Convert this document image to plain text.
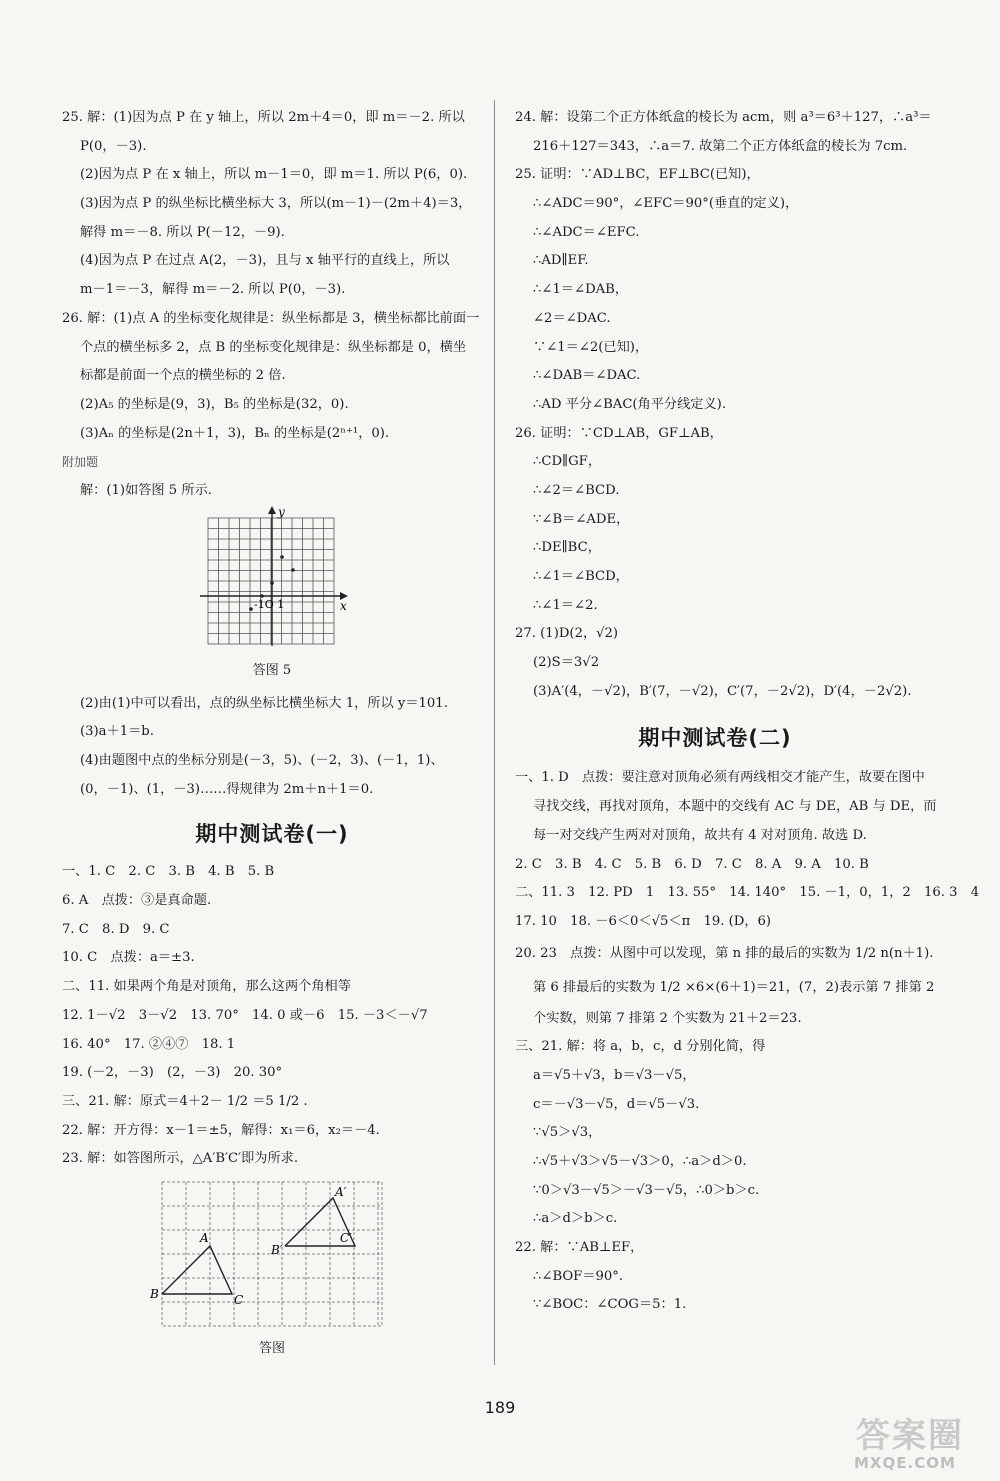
25. 解：(1)因为点 P 在 y 轴上，所以 2m＋4＝0，即 m＝－2. 所以
P(0，－3).
(2)因为点 P 在 x 轴上，所以 m－1＝0，即 m＝1. 所以 P(6，0).
(3)因为点 P 的纵坐标比横坐标大 3，所以(m－1)－(2m＋4)＝3，
解得 m＝－8. 所以 P(－12，－9).
(4)因为点 P 在过点 A(2，－3)，且与 x 轴平行的直线上，所以
m－1＝－3，解得 m＝－2. 所以 P(0，－3).
26. 解：(1)点 A 的坐标变化规律是：纵坐标都是 3，横坐标都比前面一
个点的横坐标多 2，点 B 的坐标变化规律是：纵坐标都是 0，横坐
标都是前面一个点的横坐标的 2 倍.
(2)A₅ 的坐标是(9，3)，B₅ 的坐标是(32，0).
(3)Aₙ 的坐标是(2n＋1，3)，Bₙ 的坐标是(2ⁿ⁺¹，0).
附加题
解：(1)如答图 5 所示.
y
x
-1O 1
答图 5
(2)由(1)中可以看出，点的纵坐标比横坐标大 1，所以 y＝101.
(3)a＋1＝b.
(4)由题图中点的坐标分别是(－3，5)、(－2，3)、(－1，1)、
(0，－1)、(1，－3)……得规律为 2m＋n＋1＝0.
期中测试卷(一)
一、1. C　2. C　3. B　4. B　5. B
6. A　点拨：③是真命题.
7. C　8. D　9. C
10. C　点拨：a＝±3.
二、11. 如果两个角是对顶角，那么这两个角相等
12. 1－√2　3－√2　13. 70°　14. 0 或－6　15. －3＜－√7
16. 40°　17. ②④⑦　18. 1
19. (－2，－3)　(2，－3)　20. 30°
三、21. 解：原式＝4＋2－ 1/2 ＝5 1/2 .
22. 解：开方得：x－1＝±5，解得：x₁＝6，x₂＝－4.
23. 解：如答图所示，△A′B′C′即为所求.
A
B	C
A′
B′
C′
答图
24. 解：设第二个正方体纸盒的棱长为 acm，则 a³＝6³＋127，∴a³＝
216＋127＝343，∴a＝7. 故第二个正方体纸盒的棱长为 7cm.
25. 证明：∵AD⊥BC，EF⊥BC(已知)，
∴∠ADC＝90°，∠EFC＝90°(垂直的定义)，
∴∠ADC＝∠EFC.
∴AD∥EF.
∴∠1＝∠DAB，
∠2＝∠DAC.
∵∠1＝∠2(已知)，
∴∠DAB＝∠DAC.
∴AD 平分∠BAC(角平分线定义).
26. 证明：∵CD⊥AB，GF⊥AB，
∴CD∥GF，
∴∠2＝∠BCD.
∵∠B＝∠ADE，
∴DE∥BC，
∴∠1＝∠BCD，
∴∠1＝∠2.
27. (1)D(2，√2)
(2)S＝3√2
(3)A′(4，－√2)，B′(7，－√2)，C′(7，－2√2)，D′(4，－2√2).
期中测试卷(二)
一、1. D　点拨：要注意对顶角必须有两线相交才能产生，故要在图中
寻找交线，再找对顶角，本题中的交线有 AC 与 DE，AB 与 DE，而
每一对交线产生两对对顶角，故共有 4 对对顶角. 故选 D.
2. C　3. B　4. C　5. B　6. D　7. C　8. A　9. A　10. B
二、11. 3　12. PD　1　13. 55°　14. 140°　15. －1，0，1，2　16. 3　4
17. 10　18. －6＜0＜√5＜π　19. (D，6)
20. 23　点拨：从图中可以发现，第 n 排的最后的实数为 1/2 n(n＋1).
第 6 排最后的实数为 1/2 ×6×(6＋1)＝21，(7，2)表示第 7 排第 2
个实数，则第 7 排第 2 个实数为 21＋2＝23.
三、21. 解：将 a，b，c，d 分别化简，得
a＝√5＋√3，b＝√3－√5，
c＝－√3－√5，d＝√5－√3.
∵√5＞√3，
∴√5＋√3＞√5－√3＞0，∴a＞d＞0.
∵0＞√3－√5＞－√3－√5，∴0＞b＞c.
∴a＞d＞b＞c.
22. 解：∵AB⊥EF，
∴∠BOF＝90°.
∵∠BOC：∠COG＝5：1.
189
答案圈
MXQE.COM
